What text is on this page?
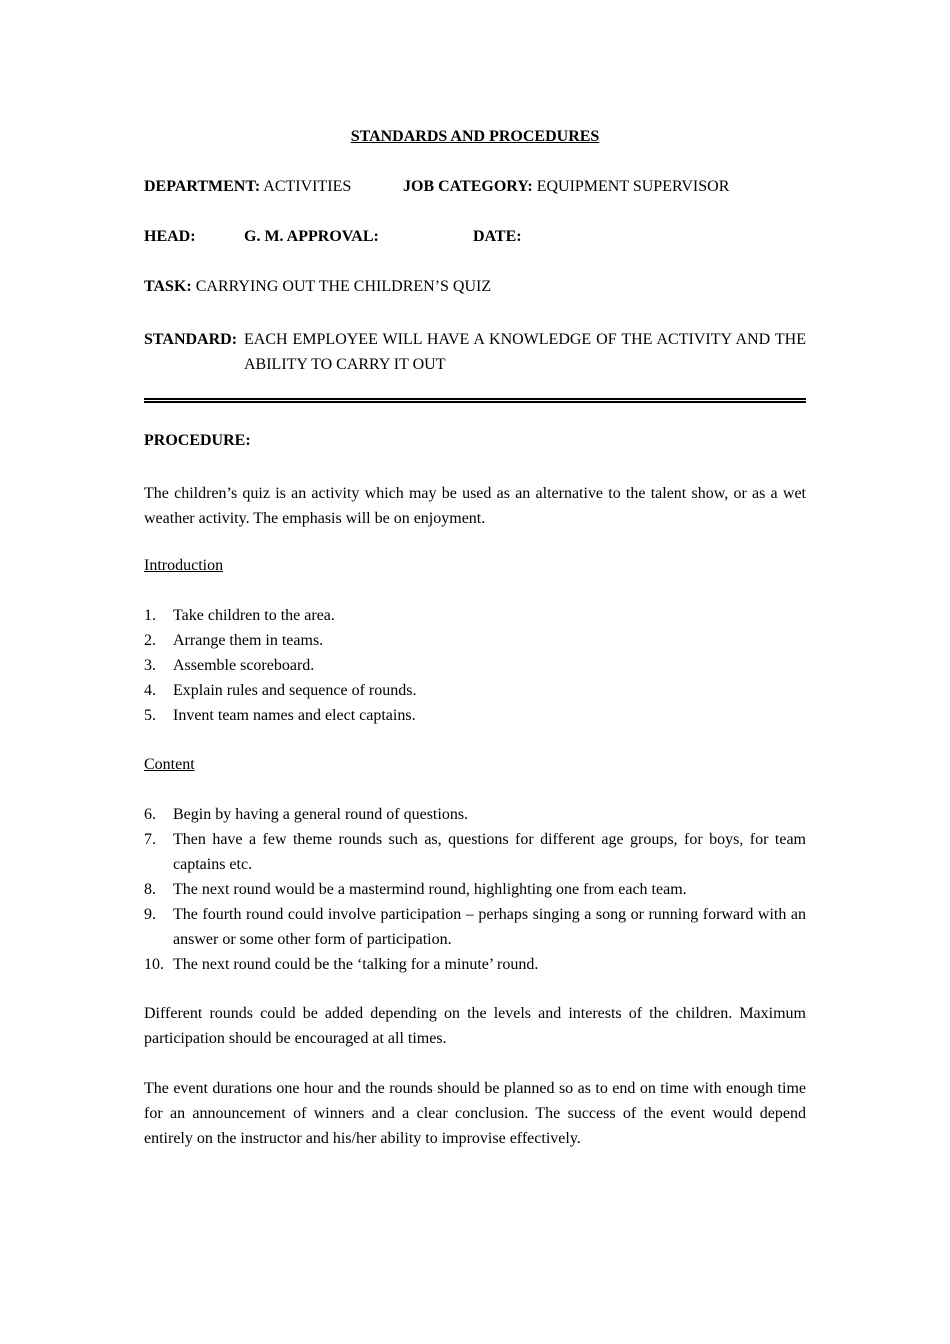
STANDARDS AND PROCEDURES
DEPARTMENT: ACTIVITIES	JOB CATEGORY: EQUIPMENT SUPERVISOR
HEAD:	G. M. APPROVAL:	DATE:
TASK: CARRYING OUT THE CHILDREN’S QUIZ
STANDARD: EACH EMPLOYEE WILL HAVE A KNOWLEDGE OF THE ACTIVITY AND THE ABILITY TO CARRY IT OUT
PROCEDURE:
The children’s quiz is an activity which may be used as an alternative to the talent show, or as a wet weather activity. The emphasis will be on enjoyment.
Introduction
1. Take children to the area.
2. Arrange them in teams.
3. Assemble scoreboard.
4. Explain rules and sequence of rounds.
5. Invent team names and elect captains.
Content
6. Begin by having a general round of questions.
7. Then have a few theme rounds such as, questions for different age groups, for boys, for team captains etc.
8. The next round would be a mastermind round, highlighting one from each team.
9. The fourth round could involve participation – perhaps singing a song or running forward with an answer or some other form of participation.
10. The next round could be the ‘talking for a minute’ round.
Different rounds could be added depending on the levels and interests of the children. Maximum participation should be encouraged at all times.
The event durations one hour and the rounds should be planned so as to end on time with enough time for an announcement of winners and a clear conclusion. The success of the event would depend entirely on the instructor and his/her ability to improvise effectively.
